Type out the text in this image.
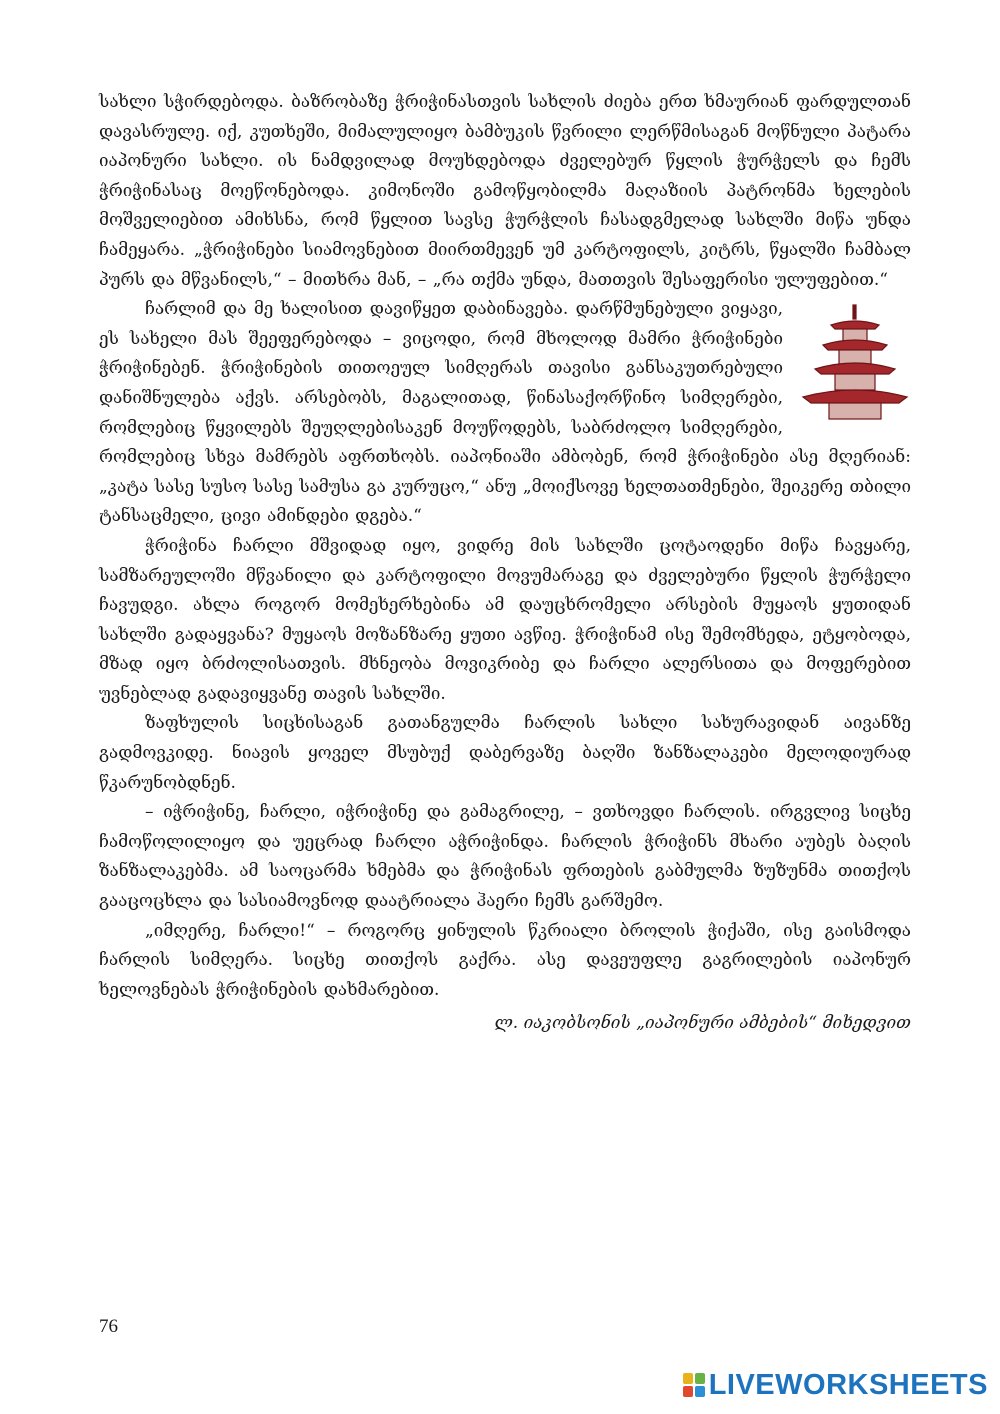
სახლი სჭირდებოდა. ბაზრობაზე ჭრიჭინასთვის სახლის ძიება ერთ ხმაურიან ფარდულთან დავასრულე. იქ, კუთხეში, მიმალულიყო ბამბუკის წვრილი ლერწმისაგან მოწნული პატარა იაპონური სახლი. ის ნამდვილად მოუხდებოდა ძველებურ წყლის ჭურჭელს და ჩემს ჭრიჭინასაც მოეწონებოდა. კიმონოში გამოწყობილმა მაღაზიის პატრონმა ხელების მოშველიებით ამიხსნა, რომ წყლით სავსე ჭურჭლის ჩასადგმელად სახლში მიწა უნდა ჩამეყარა. „ჭრიჭინები სიამოვნებით მიირთმევენ უმ კარტოფილს, კიტრს, წყალში ჩამბალ პურს და მწვანილს,“ – მითხრა მან, – „რა თქმა უნდა, მათთვის შესაფერისი ულუფებით.“

ჩარლიმ და მე ხალისით დავიწყეთ დაბინავება. დარწმუნებული ვიყავი, ეს სახელი მას შეეფერებოდა – ვიცოდი, რომ მხოლოდ მამრი ჭრიჭინები ჭრიჭინებენ. ჭრიჭინების თითოეულ სიმღერას თავისი განსაკუთრებული დანიშნულება აქვს. არსებობს, მაგალითად, წინასაქორწინო სიმღერები, რომლებიც წყვილებს შეუღლებისაკენ მოუწოდებს, საბრძოლო სიმღერები, რომლებიც სხვა მამრებს აფრთხობს. იაპონიაში ამბობენ, რომ ჭრიჭინები ასე მღერიან: „კატა სასე სუსო სასე სამუსა გა კურუცო,“ ანუ „მოიქსოვე ხელთათმენები, შეიკერე თბილი ტანსაცმელი, ცივი ამინდები დგება.“

ჭრიჭინა ჩარლი მშვიდად იყო, ვიდრე მის სახლში ცოტაოდენი მიწა ჩავყარე, სამზარეულოში მწვანილი და კარტოფილი მოვუმარაგე და ძველებური წყლის ჭურჭელი ჩავუდგი. ახლა როგორ მომეხერხებინა ამ დაუცხრომელი არსების მუყაოს ყუთიდან სახლში გადაყვანა? მუყაოს მოზანზარე ყუთი ავწიე. ჭრიჭინამ ისე შემომხედა, ეტყობოდა, მზად იყო ბრძოლისათვის. მხნეობა მოვიკრიბე და ჩარლი ალერსითა და მოფერებით უვნებლად გადავიყვანე თავის სახლში.

ზაფხულის სიცხისაგან გათანგულმა ჩარლის სახლი სახურავიდან აივანზე გადმოვკიდე. ნიავის ყოველ მსუბუქ დაბერვაზე ბაღში ზანზალაკები მელოდიურად წკარუნობდნენ.

– იჭრიჭინე, ჩარლი, იჭრიჭინე და გამაგრილე, – ვთხოვდი ჩარლის. ირგვლივ სიცხე ჩამოწოლილიყო და უეცრად ჩარლი აჭრიჭინდა. ჩარლის ჭრიჭინს მხარი აუბეს ბაღის ზანზალაკებმა. ამ საოცარმა ხმებმა და ჭრიჭინას ფრთების გაბმულმა ზუზუნმა თითქოს გააცოცხლა და სასიამოვნოდ დაატრიალა ჰაერი ჩემს გარშემო.

„იმღერე, ჩარლი!“ – როგორც ყინულის წკრიალი ბროლის ჭიქაში, ისე გაისმოდა ჩარლის სიმღერა. სიცხე თითქოს გაქრა. ასე დავეუფლე გაგრილების იაპონურ ხელოვნებას ჭრიჭინების დახმარებით.

ლ. იაკობსონის „იაპონური ამბების“ მიხედვით
76
LIVEWORKSHEETS
